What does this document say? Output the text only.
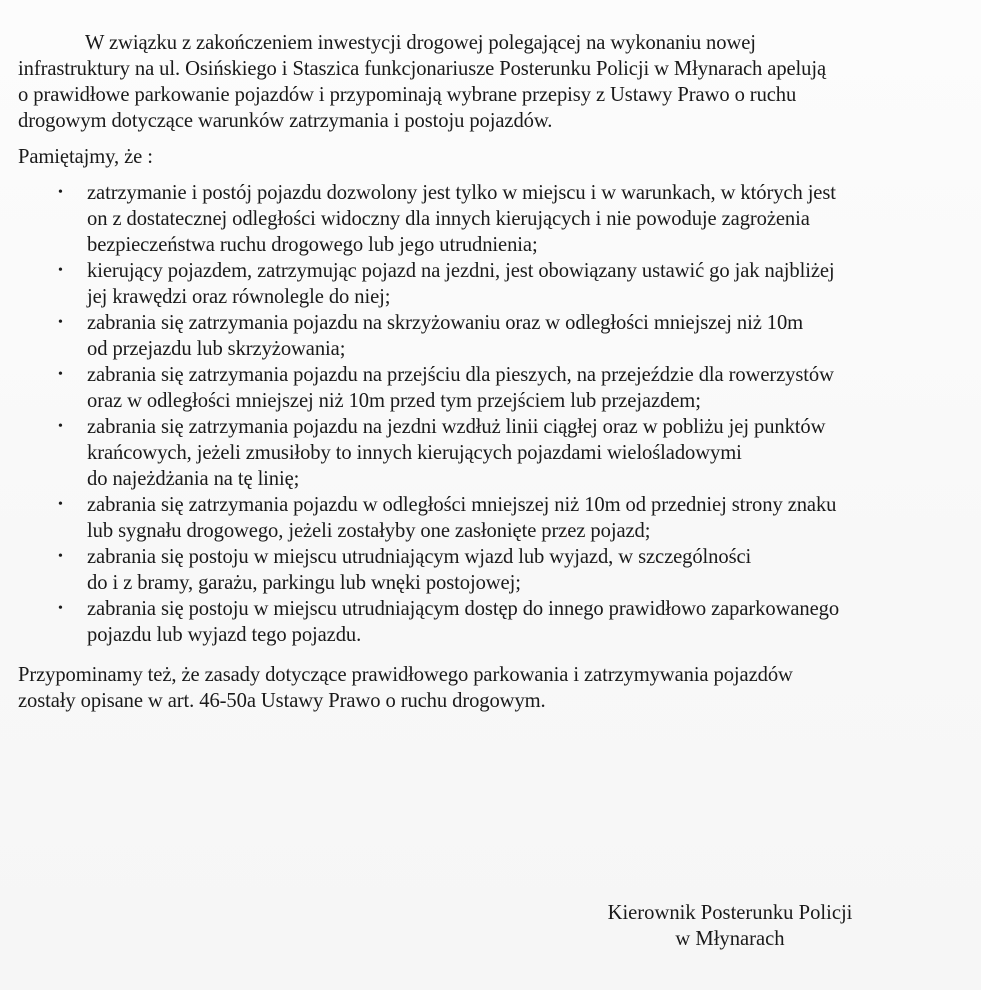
W związku z zakończeniem inwestycji drogowej polegającej na wykonaniu nowej
infrastruktury na ul. Osińskiego i Staszica funkcjonariusze Posterunku Policji w Młynarach apelują
o prawidłowe parkowanie pojazdów i przypominają wybrane przepisy z Ustawy Prawo o ruchu
drogowym dotyczące warunków zatrzymania i postoju pojazdów.

Pamiętajmy, że :

• zatrzymanie i postój pojazdu dozwolony jest tylko w miejscu i w warunkach, w których jest
on z dostatecznej odległości widoczny dla innych kierujących i nie powoduje zagrożenia
bezpieczeństwa ruchu drogowego lub jego utrudnienia;
• kierujący pojazdem, zatrzymując pojazd na jezdni, jest obowiązany ustawić go jak najbliżej
jej krawędzi oraz równolegle do niej;
• zabrania się zatrzymania pojazdu na skrzyżowaniu oraz w odległości mniejszej niż 10m
od przejazdu lub skrzyżowania;
• zabrania się zatrzymania pojazdu na przejściu dla pieszych, na przejeździe dla rowerzystów
oraz w odległości mniejszej niż 10m przed tym przejściem lub przejazdem;
• zabrania się zatrzymania pojazdu na jezdni wzdłuż linii ciągłej oraz w pobliżu jej punktów
krańcowych, jeżeli zmusiłoby to innych kierujących pojazdami wielośladowymi
do najeżdżania na tę linię;
• zabrania się zatrzymania pojazdu w odległości mniejszej niż 10m od przedniej strony znaku
lub sygnału drogowego, jeżeli zostałyby one zasłonięte przez pojazd;
• zabrania się postoju w miejscu utrudniającym wjazd lub wyjazd, w szczególności
do i z bramy, garażu, parkingu lub wnęki postojowej;
• zabrania się postoju w miejscu utrudniającym dostęp do innego prawidłowo zaparkowanego
pojazdu lub wyjazd tego pojazdu.

Przypominamy też, że zasady dotyczące prawidłowego parkowania i zatrzymywania pojazdów
zostały opisane w art. 46-50a Ustawy Prawo o ruchu drogowym.

Kierownik Posterunku Policji
w Młynarach
